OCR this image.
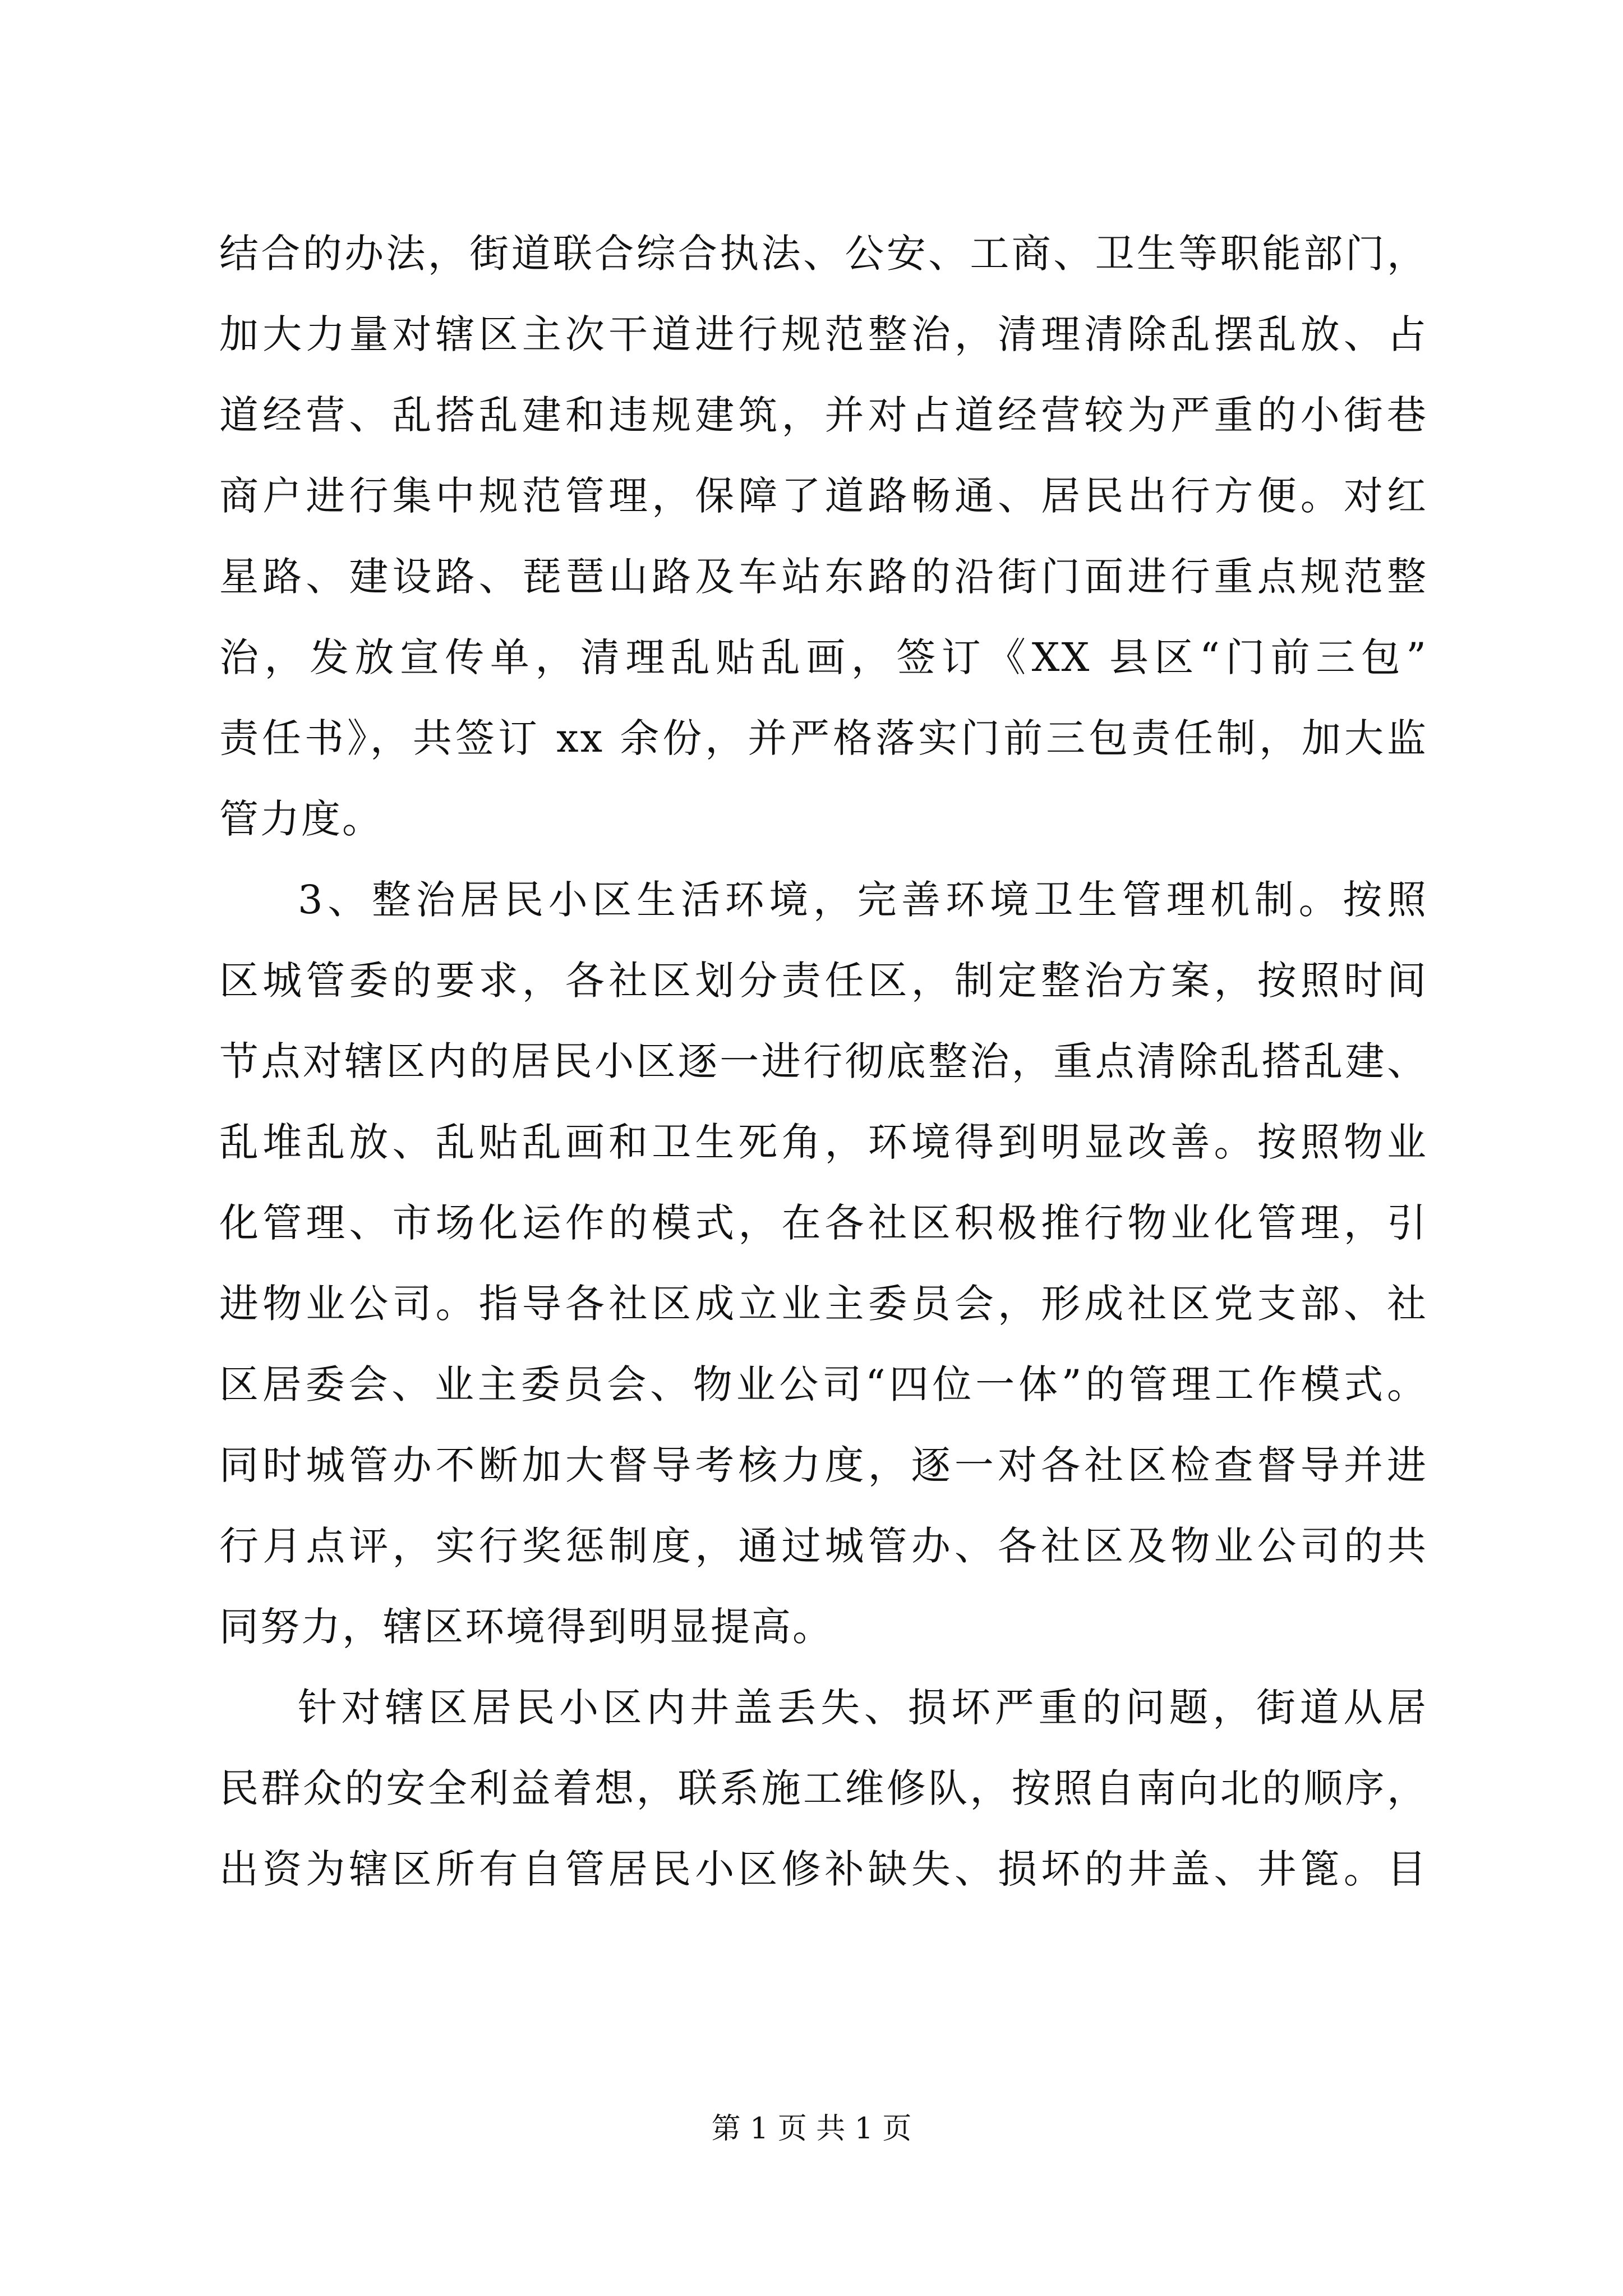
结合的办法，街道联合综合执法、公安、工商、卫生等职能部门，
加大力量对辖区主次干道进行规范整治，清理清除乱摆乱放、占
道经营、乱搭乱建和违规建筑，并对占道经营较为严重的小街巷
商户进行集中规范管理，保障了道路畅通、居民出行方便。对红
星路、建设路、琵琶山路及车站东路的沿街门面进行重点规范整
治，发放宣传单，清理乱贴乱画，签订《XX 县区“门前三包”
责任书》，共签订 xx 余份，并严格落实门前三包责任制，加大监
管力度。
3、整治居民小区生活环境，完善环境卫生管理机制。按照
区城管委的要求，各社区划分责任区，制定整治方案，按照时间
节点对辖区内的居民小区逐一进行彻底整治，重点清除乱搭乱建、
乱堆乱放、乱贴乱画和卫生死角，环境得到明显改善。按照物业
化管理、市场化运作的模式，在各社区积极推行物业化管理，引
进物业公司。指导各社区成立业主委员会，形成社区党支部、社
区居委会、业主委员会、物业公司“四位一体”的管理工作模式。
同时城管办不断加大督导考核力度，逐一对各社区检查督导并进
行月点评，实行奖惩制度，通过城管办、各社区及物业公司的共
同努力，辖区环境得到明显提高。
针对辖区居民小区内井盖丢失、损坏严重的问题，街道从居
民群众的安全利益着想，联系施工维修队，按照自南向北的顺序，
出资为辖区所有自管居民小区修补缺失、损坏的井盖、井篦。目
第 1 页 共 1 页
